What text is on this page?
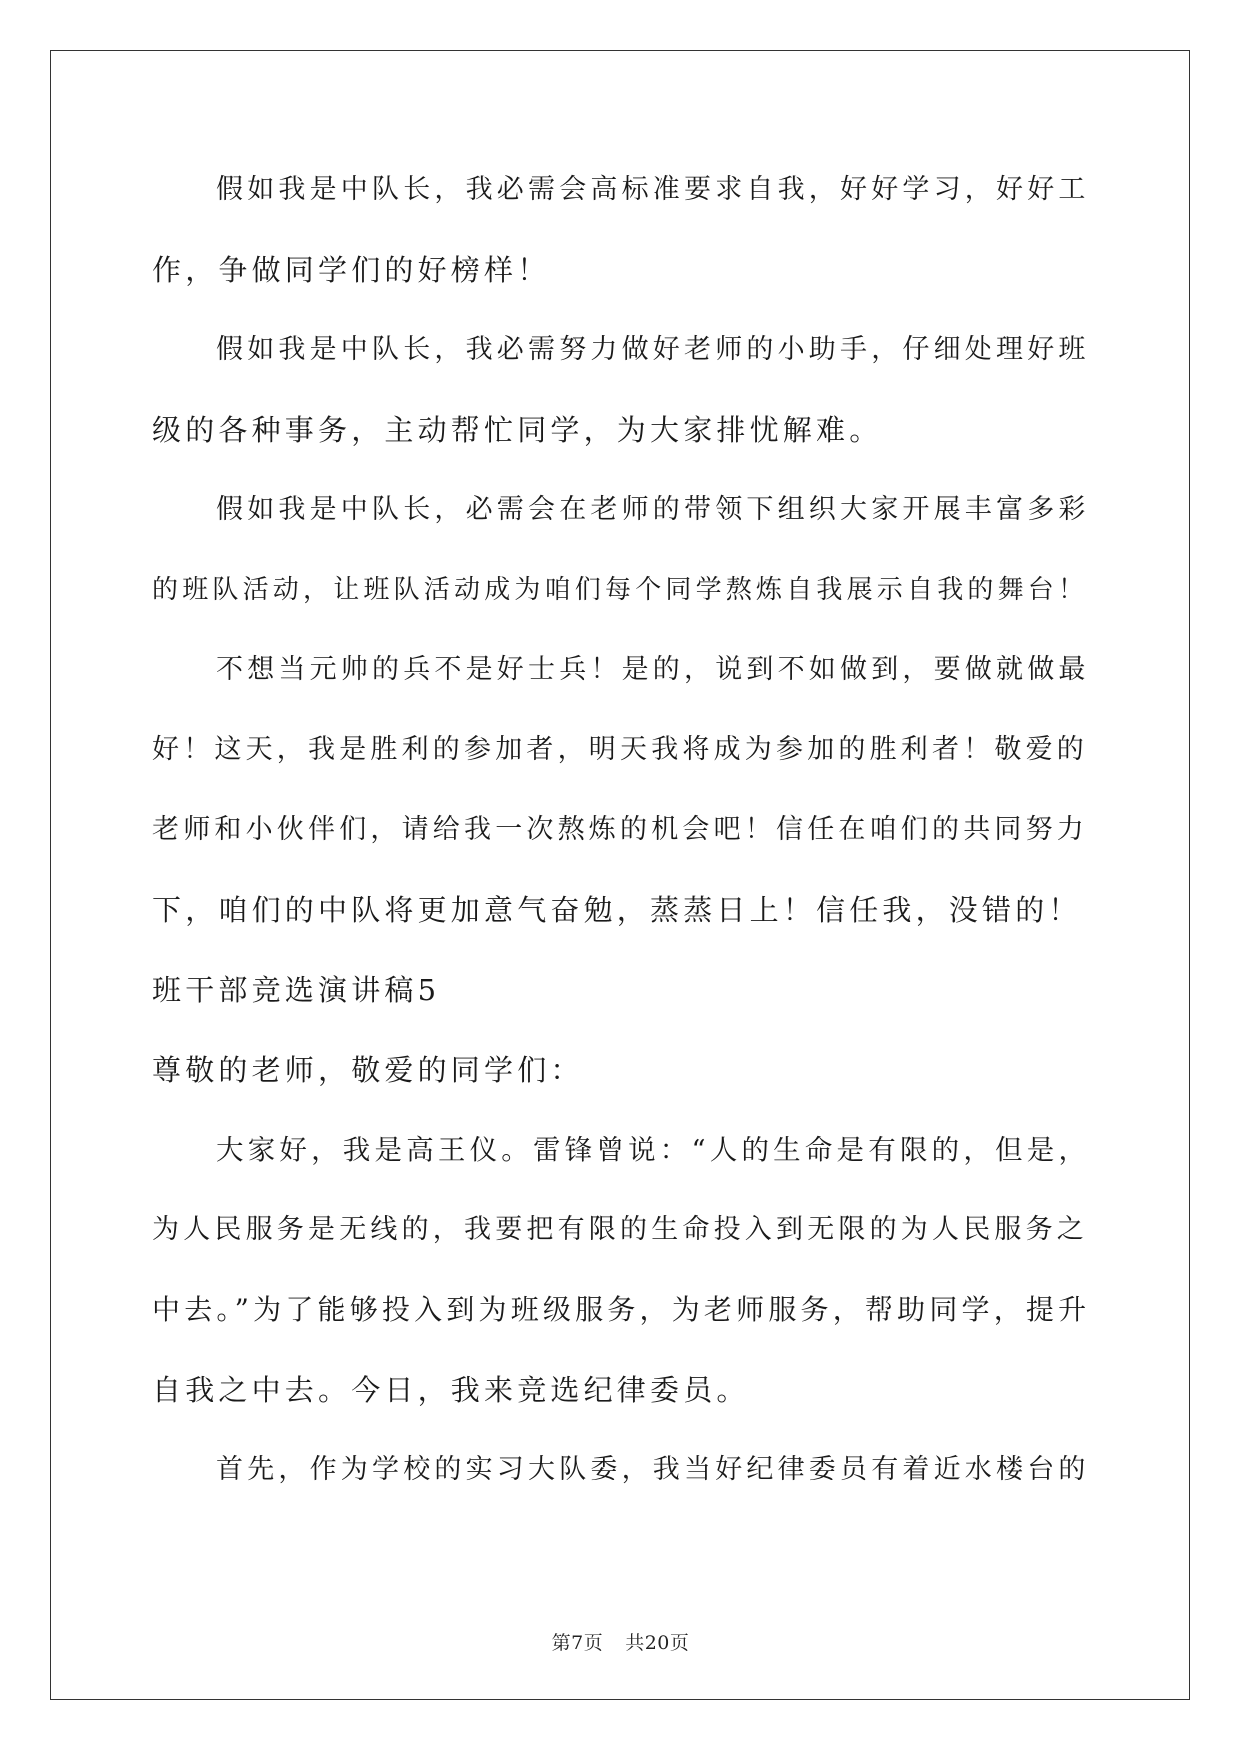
假如我是中队长，我必需会高标准要求自我，好好学习，好好工
作，争做同学们的好榜样！
假如我是中队长，我必需努力做好老师的小助手，仔细处理好班
级的各种事务，主动帮忙同学，为大家排忧解难。
假如我是中队长，必需会在老师的带领下组织大家开展丰富多彩
的班队活动，让班队活动成为咱们每个同学熬炼自我展示自我的舞台！
不想当元帅的兵不是好士兵！是的，说到不如做到，要做就做最
好！这天，我是胜利的参加者，明天我将成为参加的胜利者！敬爱的
老师和小伙伴们，请给我一次熬炼的机会吧！信任在咱们的共同努力
下，咱们的中队将更加意气奋勉，蒸蒸日上！信任我，没错的！
班干部竞选演讲稿5
尊敬的老师，敬爱的同学们：
大家好，我是高王仪。雷锋曾说：“人的生命是有限的，但是，
为人民服务是无线的，我要把有限的生命投入到无限的为人民服务之
中去。”为了能够投入到为班级服务，为老师服务，帮助同学，提升
自我之中去。今日，我来竞选纪律委员。
首先，作为学校的实习大队委，我当好纪律委员有着近水楼台的
第7页 共20页
